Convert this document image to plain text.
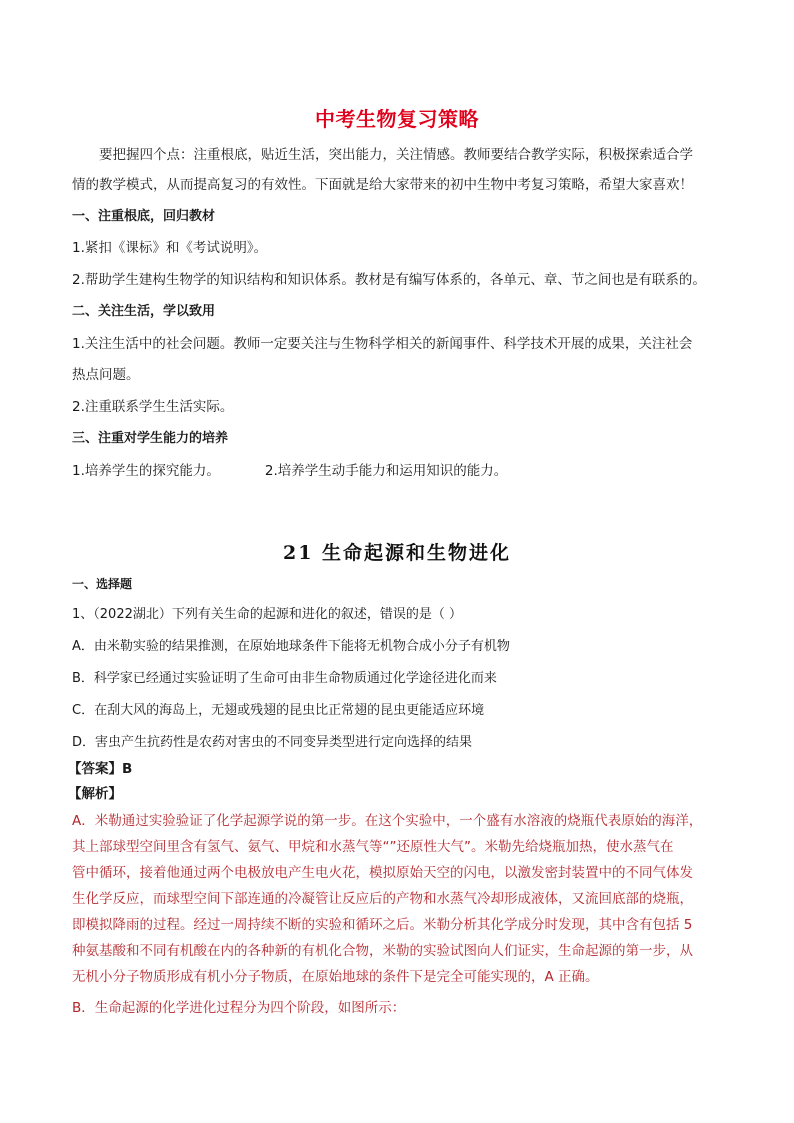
中考生物复习策略
要把握四个点：注重根底，贴近生活，突出能力，关注情感。教师要结合教学实际，积极探索适合学
情的教学模式，从而提高复习的有效性。下面就是给大家带来的初中生物中考复习策略，希望大家喜欢！
一、注重根底，回归教材
1.紧扣《课标》和《考试说明》。
2.帮助学生建构生物学的知识结构和知识体系。教材是有编写体系的，各单元、章、节之间也是有联系的。
二、关注生活，学以致用
1.关注生活中的社会问题。教师一定要关注与生物科学相关的新闻事件、科学技术开展的成果，关注社会
热点问题。
2.注重联系学生生活实际。
三、注重对学生能力的培养
1.培养学生的探究能力。	2.培养学生动手能力和运用知识的能力。
21 生命起源和生物进化
一、选择题
1、（2022湖北）下列有关生命的起源和进化的叙述，错误的是（ ）
A．由米勒实验的结果推测，在原始地球条件下能将无机物合成小分子有机物
B．科学家已经通过实验证明了生命可由非生命物质通过化学途径进化而来
C．在刮大风的海岛上，无翅或残翅的昆虫比正常翅的昆虫更能适应环境
D．害虫产生抗药性是农药对害虫的不同变异类型进行定向选择的结果
【答案】B
【解析】
A．米勒通过实验验证了化学起源学说的第一步。在这个实验中，一个盛有水溶液的烧瓶代表原始的海洋，
其上部球型空间里含有氢气、氨气、甲烷和水蒸气等“”还原性大气”。米勒先给烧瓶加热，使水蒸气在
管中循环，接着他通过两个电极放电产生电火花，模拟原始天空的闪电，以激发密封装置中的不同气体发
生化学反应，而球型空间下部连通的冷凝管让反应后的产物和水蒸气冷却形成液体，又流回底部的烧瓶，
即模拟降雨的过程。经过一周持续不断的实验和循环之后。米勒分析其化学成分时发现，其中含有包括 5
种氨基酸和不同有机酸在内的各种新的有机化合物，米勒的实验试图向人们证实，生命起源的第一步，从
无机小分子物质形成有机小分子物质，在原始地球的条件下是完全可能实现的，A 正确。
B．生命起源的化学进化过程分为四个阶段，如图所示：
